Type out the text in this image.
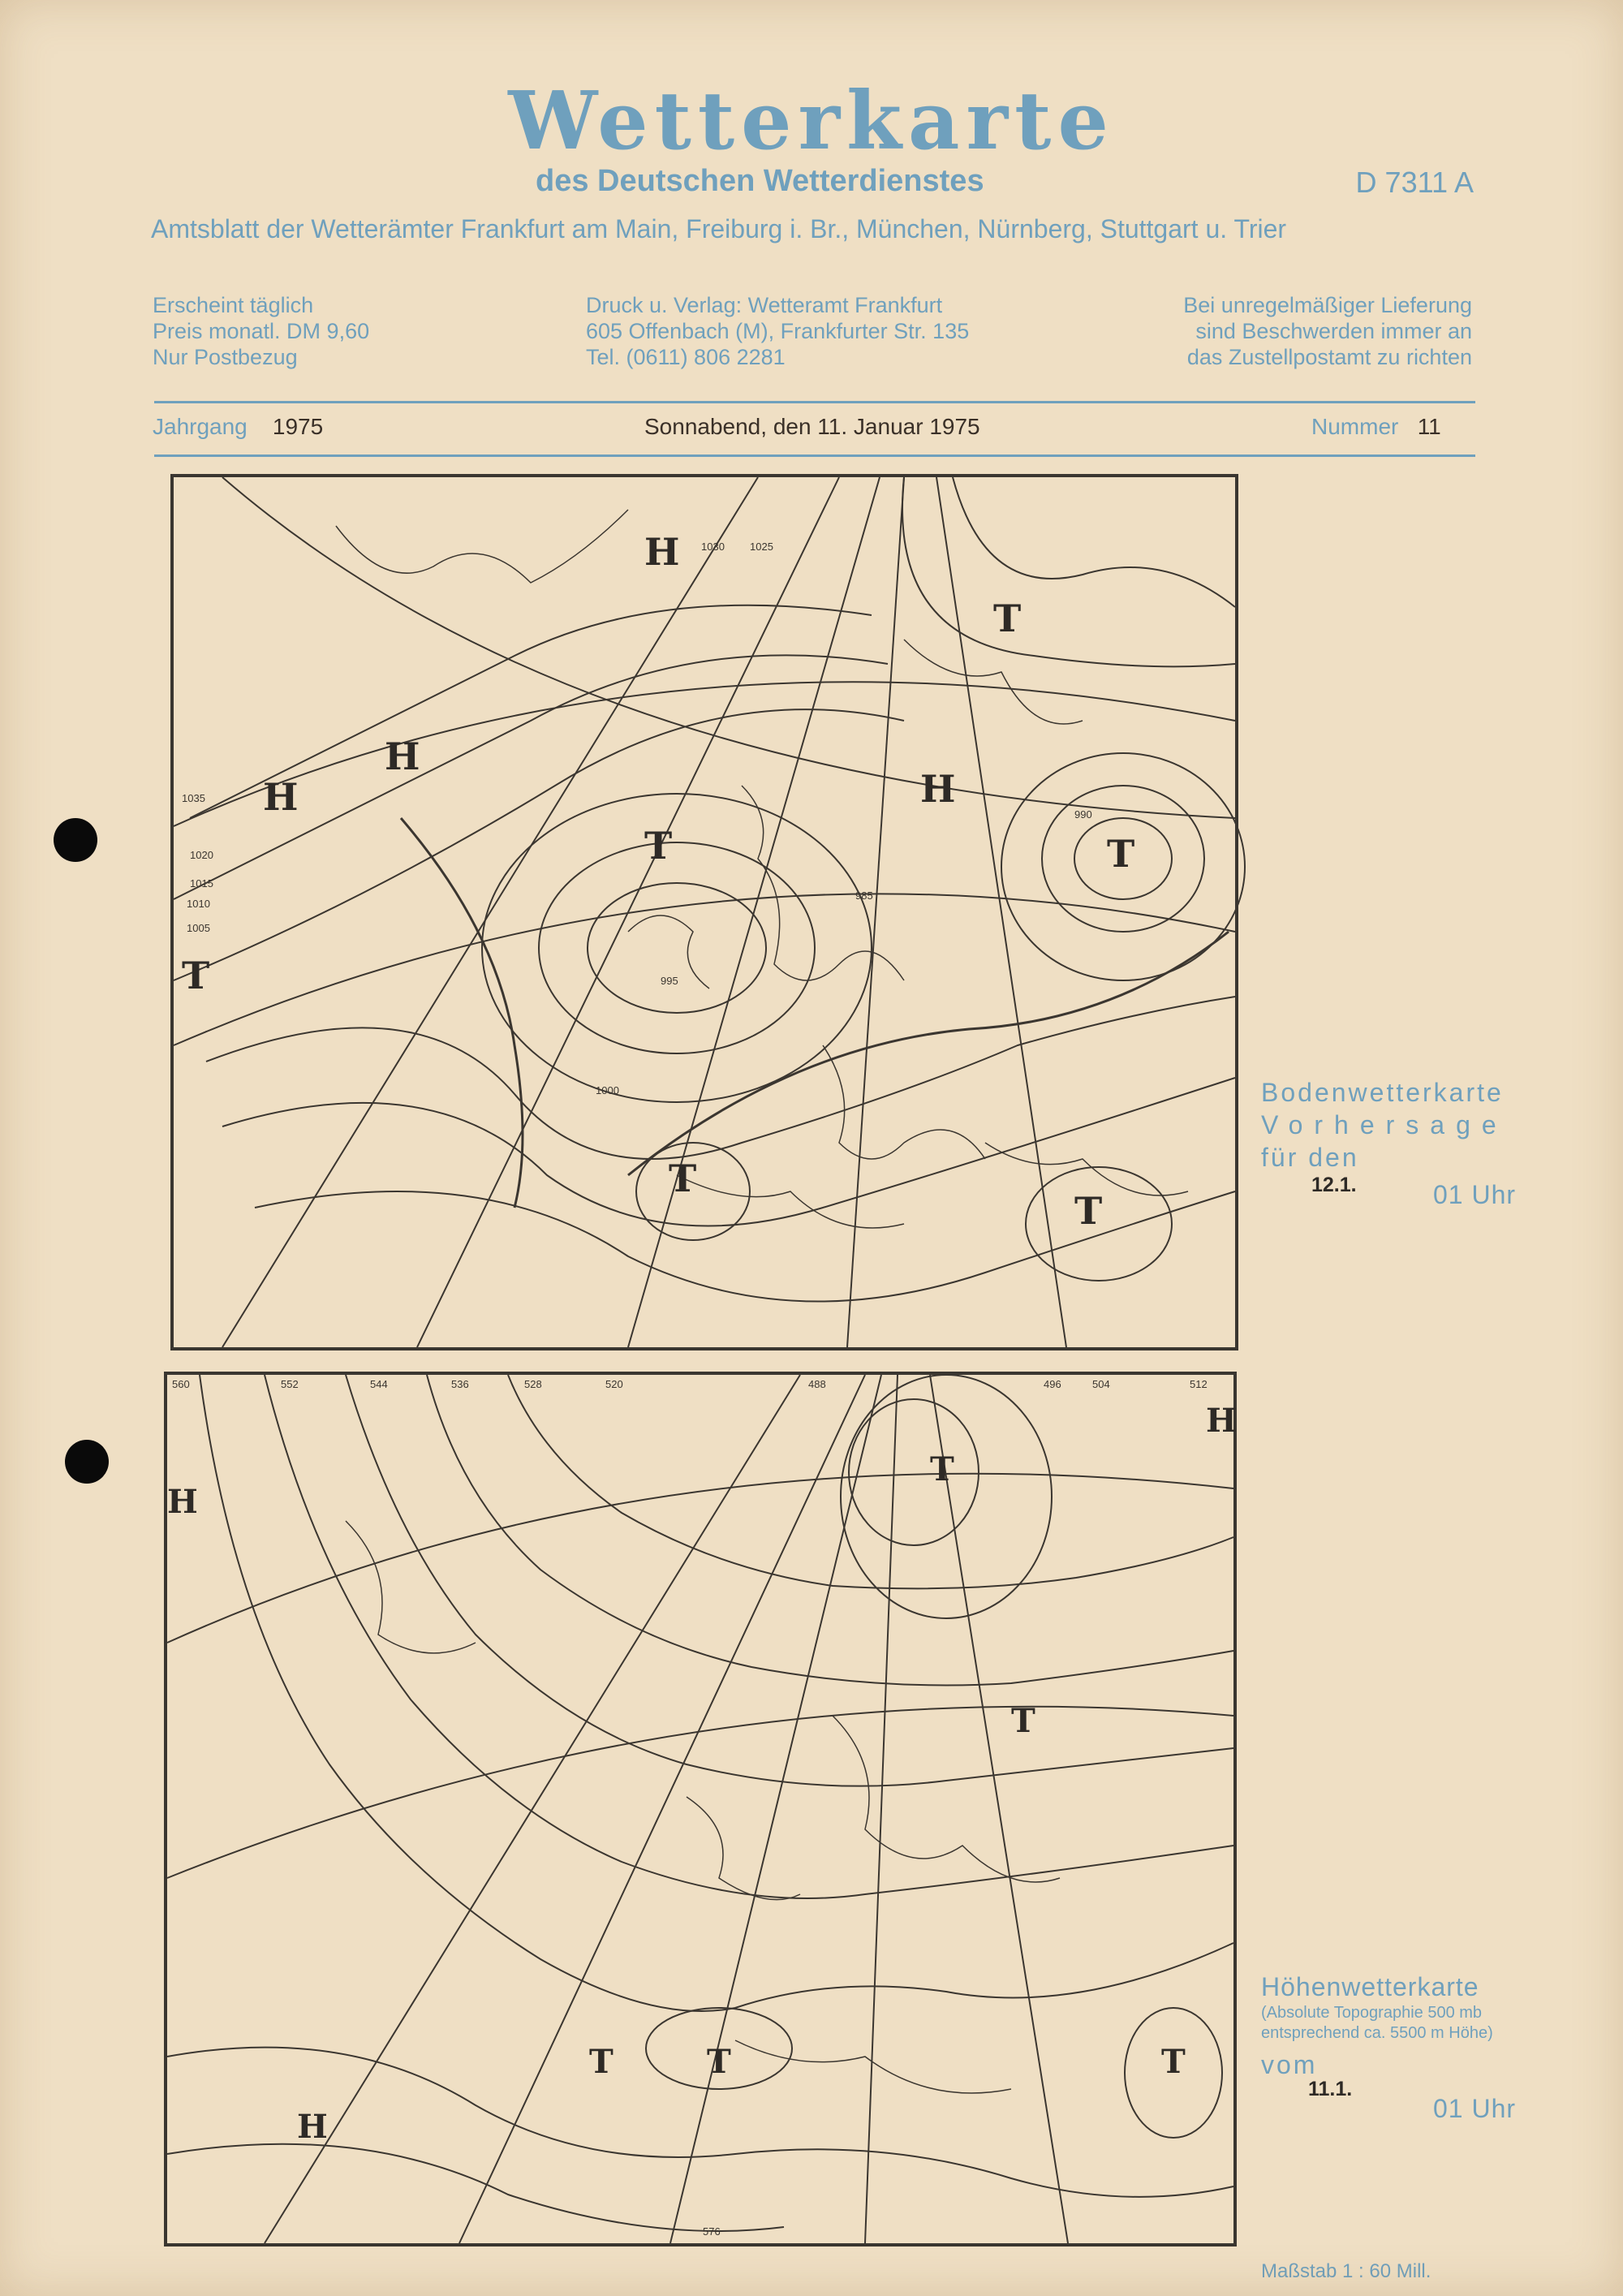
Wetterkarte
des Deutschen Wetterdienstes	D 7311 A
Amtsblatt der Wetterämter Frankfurt am Main, Freiburg i. Br., München, Nürnberg, Stuttgart u. Trier
Erscheint täglich
Preis monatl. DM 9,60
Nur Postbezug
Druck u. Verlag: Wetteramt Frankfurt
605 Offenbach (M), Frankfurter Str. 135
Tel. (0611) 806 2281
Bei unregelmäßiger Lieferung
sind Beschwerden immer an
das Zustellpostamt zu richten
Jahrgang 1975	Sonnabend, den 11. Januar 1975	Nummer 11
H
H	H
T
T	T
T
T
T
H
1030 1025
1020
1015
1010
1005
1000
995
990
985
1035
Bodenwetterkarte
Vorhersage
für den
12.1.	01 Uhr
H
H
T
T
T	T	T
H
560	552	544	536	528	520	512
504
496
488
576
Höhenwetterkarte
(Absolute Topographie 500 mb
entsprechend ca. 5500 m Höhe)
vom
11.1.
01 Uhr
Maßstab 1 : 60 Mill.
